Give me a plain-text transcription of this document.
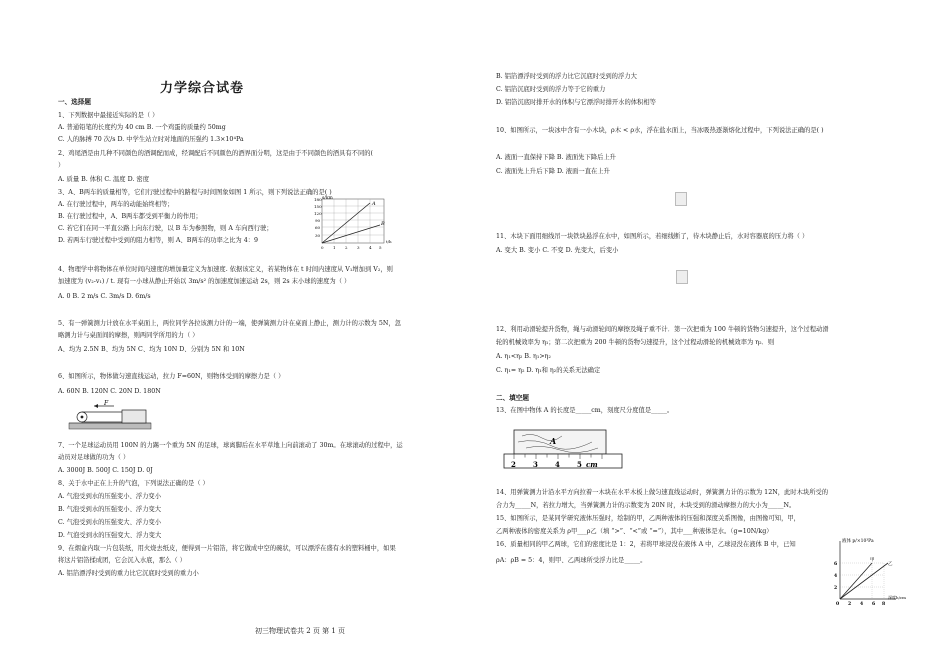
力学综合试卷
一、选择题
1、下列数据中最接近实际的是（ ）
A. 普通铅笔的长度约为 40 cm B. 一个鸡蛋的质量约 50mg
C. 人的脉搏 70 次/s D. 中学生站立时对地面的压强约 1.3×10⁴Pa
2、鸡尾酒是由几种不同颜色的酒调配而成，经调配后不同颜色的酒界面分明，这是由于不同颜色的酒具有不同的(
）
A. 质量 B. 体积 C. 温度 D. 密度
3、A、B两车的质量相等，它们行驶过程中的路程与时间图象如图 1 所示，则下列说法正确的是( )
A. 在行驶过程中，两车的动能始终相等；
B. 在行驶过程中，A、B两车都受到平衡力的作用；
C. 若它们在同一平直公路上向东行驶，以 B 车为参照物，则 A 车向西行驶；
D. 若两车行驶过程中受到的阻力相等，则 A、B两车的功率之比为 4：9
4、物理学中将物体在单位时间内速度的增加量定义为加速度. 依据该定义，若某物体在 t 时间内速度从 V₁增加到 V₂，则
加速度为 (v₂-v₁) / t. 现有一小球从静止开始以 3m/s² 的加速度加速运动 2s，则 2s 末小球的速度为（ ）
A. 0 B. 2 m/s C. 3m/s D. 6m/s
5、有一弹簧测力计放在水平桌面上，两位同学各拉该测力计的一端，使弹簧测力计在桌面上静止，测力计的示数为 5N，忽
略测力计与桌面间的摩擦，则两同学所用的力（ ）
A、均为 2.5N B、均为 5N C、均为 10N D、分别为 5N 和 10N
6、如图所示，物体做匀速直线运动，拉力 F=60N，则物体受到的摩擦力是（ ）
A. 60N B. 120N C. 20N D. 180N
7、一个足球运动员用 100N 的力踢一个重为 5N 的足球，球离脚后在水平草地上向前滚动了 30m。在球滚动的过程中，运
动员对足球做的功为（ ）
A. 3000J B. 500J C. 150J D. 0J
8、关于水中正在上升的气泡，下列说法正确的是（ ）
A. 气泡受到水的压强变小、浮力变小
B. 气泡受到水的压强变小、浮力变大
C. 气泡受到水的压强变大、浮力变小
D. 气泡受到水的压强变大、浮力变大
9、在烟盒内取一片包装纸，用火烧去纸皮，便得到一片铝箔，将它做成中空的碗状，可以漂浮在盛有水的塑料桶中，如果
将这片铝箔揉成团，它会沉入水底，那么（ ）
A. 铝箔漂浮时受到的重力比它沉底时受到的重力小
二、填空题
B. 铝箔漂浮时受到的浮力比它沉底时受到的浮力大
C. 铝箔沉底时受到的浮力等于它的重力
D. 铝箔沉底时排开水的体积与它漂浮时排开水的体积相等
10、如图所示，一块冰中含有一小木块，ρ木 < ρ水，浮在盐水面上，当冰吸热逐渐熔化过程中，下列说法正确的是( )
A. 液面一直保持下降 B. 液面先下降后上升
C. 液面先上升后下降 D. 液面一直在上升
11、木块下面用细线吊一块铁块悬浮在水中，如图所示，若细线断了，待木块静止后，水对容器底的压力将（ ）
A. 变大 B. 变小 C. 不变 D. 先变大，后变小
12、利用动滑轮提升货物，绳与动滑轮间的摩擦及绳子重不计．第一次把重为 100 牛顿的货物匀速提升，这个过程动滑
轮的机械效率为 η₁；第二次把重为 200 牛顿的货物匀速提升，这个过程动滑轮的机械效率为 η₂．则
A. η₁<η₂ B. η₁>η₂
C. η₁= η₂ D. η₁和 η₂的关系无法确定
13、在图中物体 A 的长度是_____cm，刻度尺分度值是_____。
14、用弹簧测力计沿水平方向拉着一木块在水平木板上做匀速直线运动时，弹簧测力计的示数为 12N，此时木块所受的
合力为_____N，若拉力增大，当弹簧测力计的示数变为 20N 时，木块受到的滑动摩擦力的大小为_____N。
15、如图所示，是某同学研究液体压强时，绘制的甲，乙两种液体的压强和深度关系图像，由图像可知，甲，
乙两种液体的密度关系为 ρ甲___ρ乙（填 “>”、“<”或 “=”），其中___种液体是水。（g=10N/kg）
16、质量相同的甲乙两球，它们的密度比是 1：2，若将甲球浸没在液体 A 中，乙球浸没在液体 B 中，已知
ρA：ρB = 5：4，则甲、乙两球所受浮力比是_____。
s/km
A
B
180
150
120
90
60
30
0 1 2 3 4 5
t/h
F
A
2 3 4 5 cm
液体 p/×10³Pa
甲
乙
6
4
2
0 2 4 6 8
深度h/cm
初三物理试卷共 2 页 第 1 页
